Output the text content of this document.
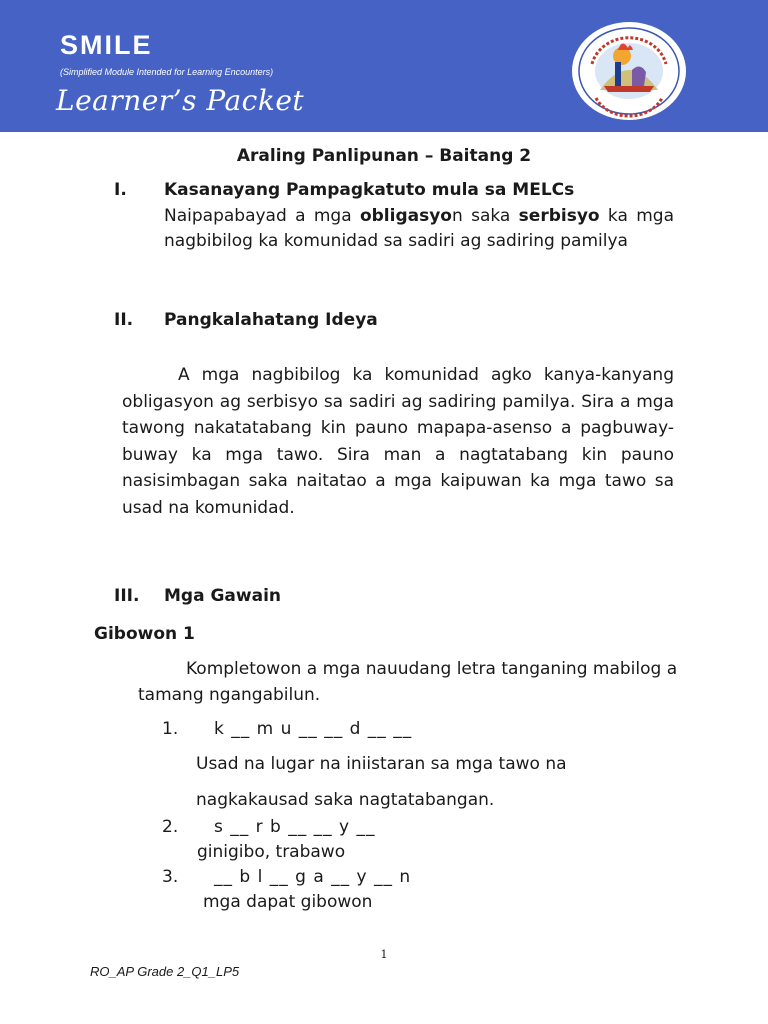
SMILE
(Simplified Module Intended for Learning Encounters)
Learner’s Packet
Araling Panlipunan – Baitang 2
I. Kasanayang Pampagkatuto mula sa MELCs
Naipapabayad a mga obligasyon saka serbisyo ka mga nagbibilog ka komunidad sa sadiri ag sadiring pamilya
II. Pangkalahatang Ideya
A mga nagbibilog ka komunidad agko kanya-kanyang obligasyon ag serbisyo sa sadiri ag sadiring pamilya. Sira a mga tawong nakatatabang kin pauno mapapa-asenso a pagbuway-buway ka mga tawo. Sira man a nagtatabang kin pauno nasisimbagan saka naitatao a mga kaipuwan ka mga tawo sa usad na komunidad.
III. Mga Gawain
Gibowon 1
Kompletowon a mga nauudang letra tanganing mabilog a tamang ngangabilun.
1. k __ m u __ __ d __ __
Usad na lugar na iniistaran sa mga tawo na
nagkakausad saka nagtatabangan.
2. s __ r b __ __ y __
ginigibo, trabawo
3. __ b l __ g a __ y __ n
mga dapat gibowon
1
RO_AP Grade 2_Q1_LP5
